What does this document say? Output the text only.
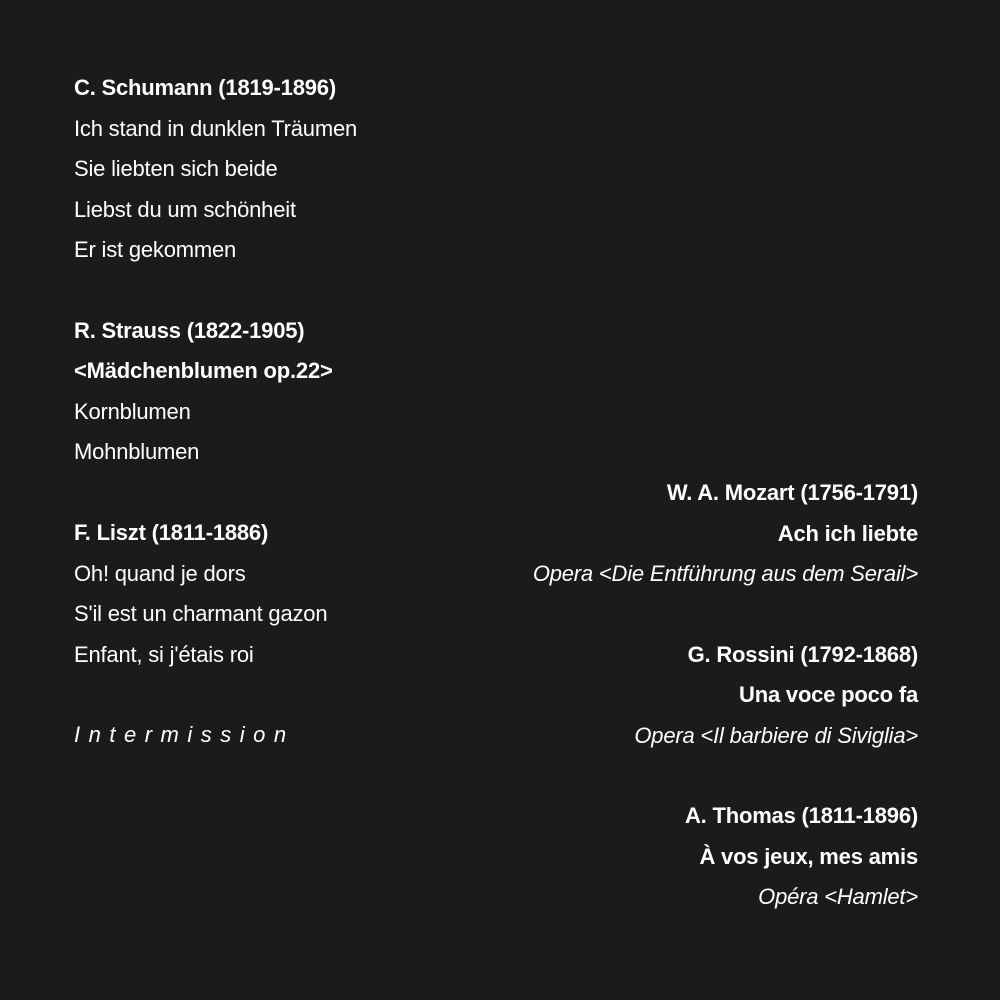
C. Schumann (1819-1896)
Ich stand in dunklen Träumen
Sie liebten sich beide
Liebst du um schönheit
Er ist gekommen
R. Strauss (1822-1905)
<Mädchenblumen op.22>
Kornblumen
Mohnblumen
F. Liszt (1811-1886)
Oh! quand je dors
S'il est un charmant gazon
Enfant, si j'étais roi
Intermission
W. A. Mozart (1756-1791)
Ach ich liebte
Opera <Die Entführung aus dem Serail>
G. Rossini (1792-1868)
Una voce poco fa
Opera <Il barbiere di Siviglia>
A. Thomas (1811-1896)
À vos jeux, mes amis
Opéra <Hamlet>
